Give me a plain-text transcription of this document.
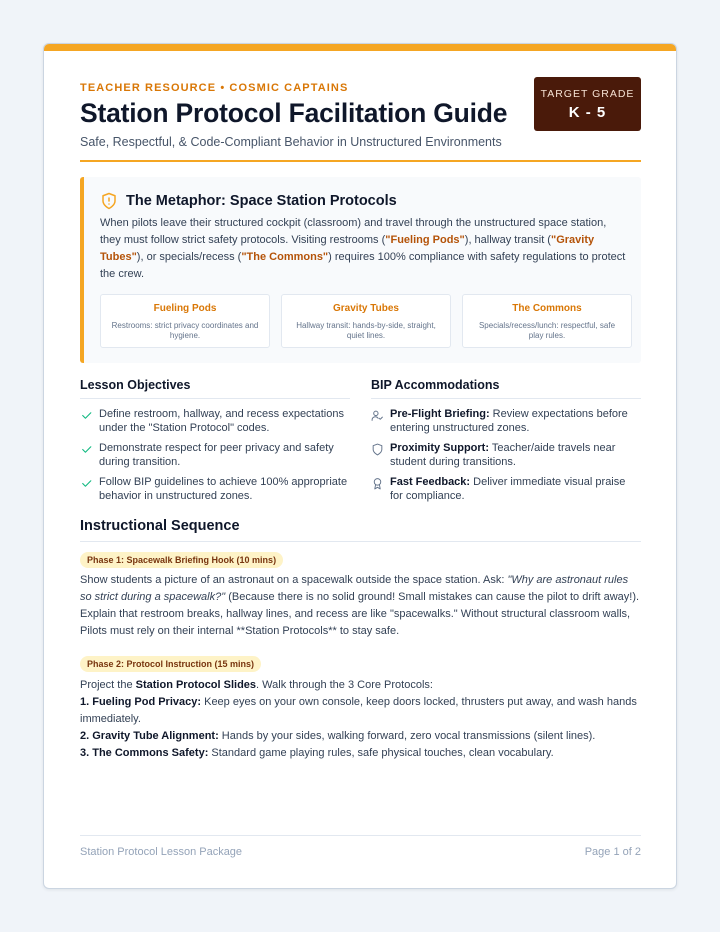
TEACHER RESOURCE • COSMIC CAPTAINS
Station Protocol Facilitation Guide
Safe, Respectful, & Code-Compliant Behavior in Unstructured Environments
TARGET GRADE
K - 5
The Metaphor: Space Station Protocols
When pilots leave their structured cockpit (classroom) and travel through the unstructured space station, they must follow strict safety protocols. Visiting restrooms ("Fueling Pods"), hallway transit ("Gravity Tubes"), or specials/recess ("The Commons") requires 100% compliance with safety regulations to protect the crew.
Fueling Pods
Restrooms: strict privacy coordinates and hygiene.
Gravity Tubes
Hallway transit: hands-by-side, straight, quiet lines.
The Commons
Specials/recess/lunch: respectful, safe play rules.
Lesson Objectives
Define restroom, hallway, and recess expectations under the "Station Protocol" codes.
Demonstrate respect for peer privacy and safety during transition.
Follow BIP guidelines to achieve 100% appropriate behavior in unstructured zones.
BIP Accommodations
Pre-Flight Briefing: Review expectations before entering unstructured zones.
Proximity Support: Teacher/aide travels near student during transitions.
Fast Feedback: Deliver immediate visual praise for compliance.
Instructional Sequence
Phase 1: Spacewalk Briefing Hook (10 mins)
Show students a picture of an astronaut on a spacewalk outside the space station. Ask: "Why are astronaut rules so strict during a spacewalk?" (Because there is no solid ground! Small mistakes can cause the pilot to drift away!). Explain that restroom breaks, hallway lines, and recess are like "spacewalks." Without structural classroom walls, Pilots must rely on their internal **Station Protocols** to stay safe.
Phase 2: Protocol Instruction (15 mins)
Project the Station Protocol Slides. Walk through the 3 Core Protocols:
1. Fueling Pod Privacy: Keep eyes on your own console, keep doors locked, thrusters put away, and wash hands immediately.
2. Gravity Tube Alignment: Hands by your sides, walking forward, zero vocal transmissions (silent lines).
3. The Commons Safety: Standard game playing rules, safe physical touches, clean vocabulary.
Station Protocol Lesson Package	Page 1 of 2
